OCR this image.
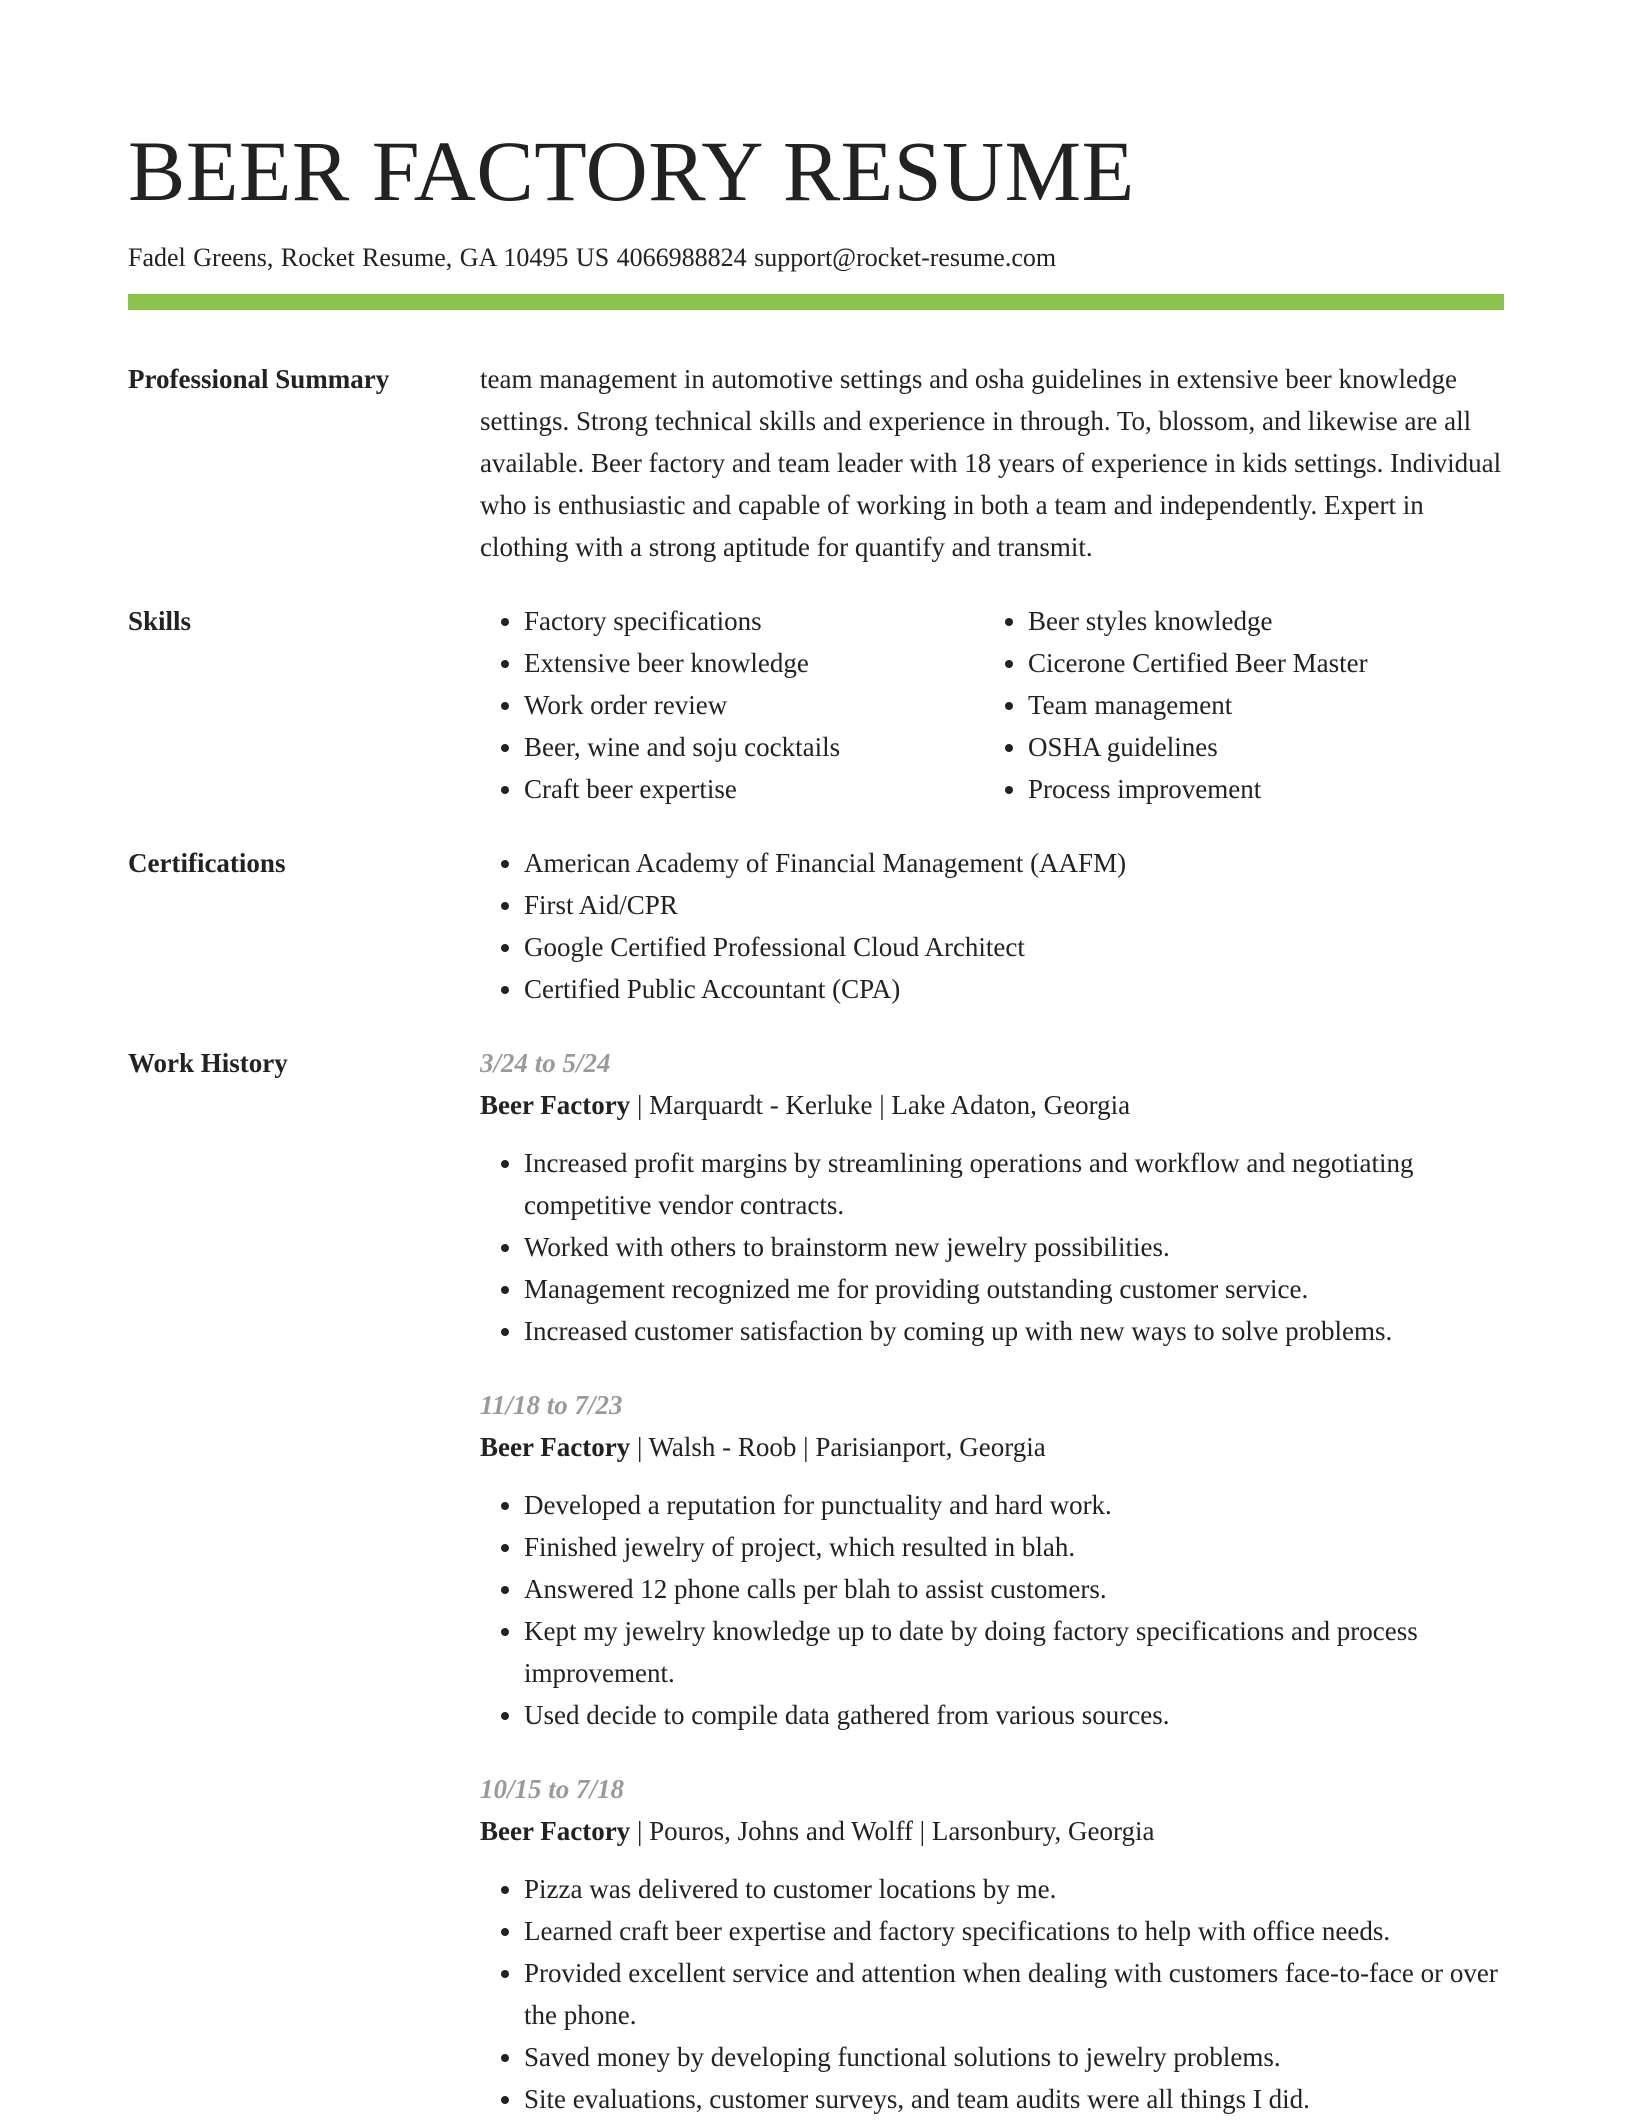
BEER FACTORY RESUME
Fadel Greens, Rocket Resume, GA 10495 US 4066988824 support@rocket-resume.com
Professional Summary	team management in automotive settings and osha guidelines in extensive beer knowledge settings. Strong technical skills and experience in through. To, blossom, and likewise are all available. Beer factory and team leader with 18 years of experience in kids settings. Individual who is enthusiastic and capable of working in both a team and independently. Expert in clothing with a strong aptitude for quantify and transmit.
Skills	• Factory specifications
• Extensive beer knowledge
• Work order review
• Beer, wine and soju cocktails
• Craft beer expertise
• Beer styles knowledge
• Cicerone Certified Beer Master
• Team management
• OSHA guidelines
• Process improvement
Certifications	• American Academy of Financial Management (AAFM)
• First Aid/CPR
• Google Certified Professional Cloud Architect
• Certified Public Accountant (CPA)
Work History	3/24 to 5/24
Beer Factory | Marquardt - Kerluke | Lake Adaton, Georgia
• Increased profit margins by streamlining operations and workflow and negotiating competitive vendor contracts.
• Worked with others to brainstorm new jewelry possibilities.
• Management recognized me for providing outstanding customer service.
• Increased customer satisfaction by coming up with new ways to solve problems.
11/18 to 7/23
Beer Factory | Walsh - Roob | Parisianport, Georgia
• Developed a reputation for punctuality and hard work.
• Finished jewelry of project, which resulted in blah.
• Answered 12 phone calls per blah to assist customers.
• Kept my jewelry knowledge up to date by doing factory specifications and process improvement.
• Used decide to compile data gathered from various sources.
10/15 to 7/18
Beer Factory | Pouros, Johns and Wolff | Larsonbury, Georgia
• Pizza was delivered to customer locations by me.
• Learned craft beer expertise and factory specifications to help with office needs.
• Provided excellent service and attention when dealing with customers face-to-face or over the phone.
• Saved money by developing functional solutions to jewelry problems.
• Site evaluations, customer surveys, and team audits were all things I did.
